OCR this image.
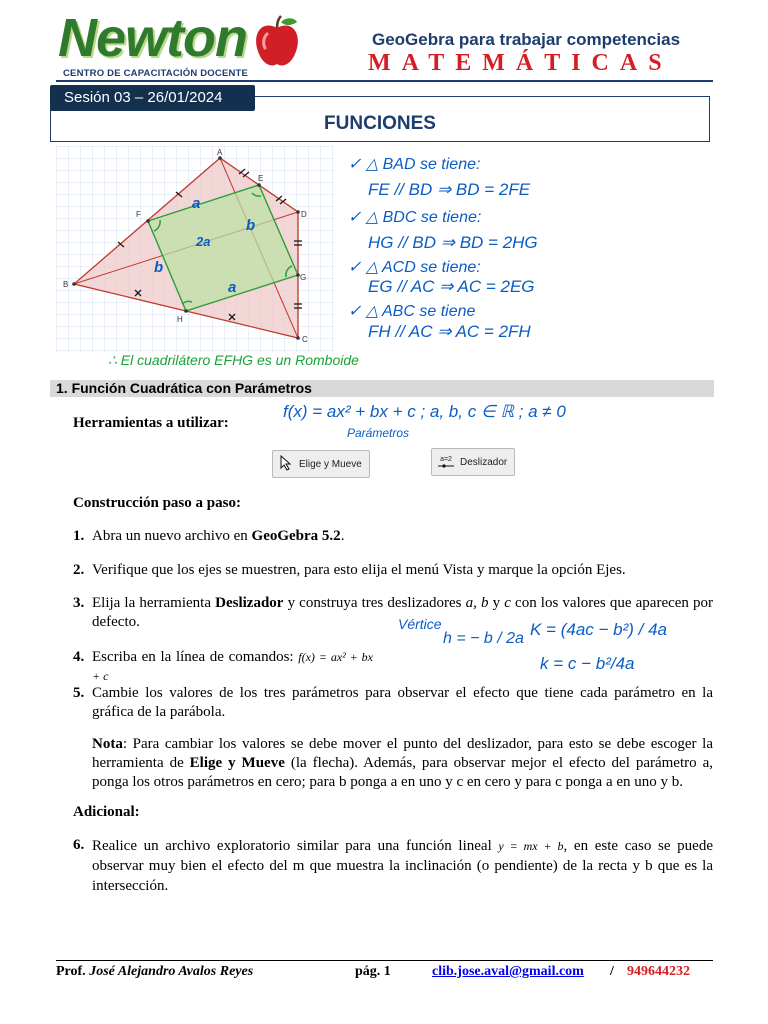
Newton
CENTRO DE CAPACITACIÓN DOCENTE
GeoGebra para trabajar competencias
MATEMÁTICAS
Sesión 03 – 26/01/2024
FUNCIONES
A
B
C
D
E
F
G
H
a
a
2a
b
b
✓ △ BAD se tiene:
FE // BD ⇒ BD = 2FE
✓ △ BDC se tiene:
HG // BD ⇒ BD = 2HG
✓ △ ACD se tiene:
EG // AC ⇒ AC = 2EG
✓ △ ABC se tiene
FH // AC ⇒ AC = 2FH
∴ El cuadrilátero EFHG es un Romboide
1. Función Cuadrática con Parámetros
Herramientas a utilizar:
f(x) = ax² + bx + c ; a, b, c ∈ ℝ ; a ≠ 0
Parámetros
Elige y Mueve	a=2 Deslizador
Construcción paso a paso:
1. Abra un nuevo archivo en GeoGebra 5.2.
2. Verifique que los ejes se muestren, para esto elija el menú Vista y marque la opción Ejes.
3. Elija la herramienta Deslizador y construya tres deslizadores a, b y c con los valores que aparecen por defecto.	Vértice
h = − b / 2a K = (4ac − b²) / 4a
k = c − b²/4a
4. Escriba en la línea de comandos: f(x) = ax² + bx + c
5. Cambie los valores de los tres parámetros para observar el efecto que tiene cada parámetro en la gráfica de la parábola.
Nota: Para cambiar los valores se debe mover el punto del deslizador, para esto se debe escoger la herramienta de Elige y Mueve (la flecha). Además, para observar mejor el efecto del parámetro a, ponga los otros parámetros en cero; para b ponga a en uno y c en cero y para c ponga a en uno y b.
Adicional:
6. Realice un archivo exploratorio similar para una función lineal y = mx + b, en este caso se puede observar muy bien el efecto del m que muestra la inclinación (o pendiente) de la recta y b que es la intersección.
Prof. José Alejandro Avalos Reyes	pág. 1	clib.jose.aval@gmail.com / 949644232
